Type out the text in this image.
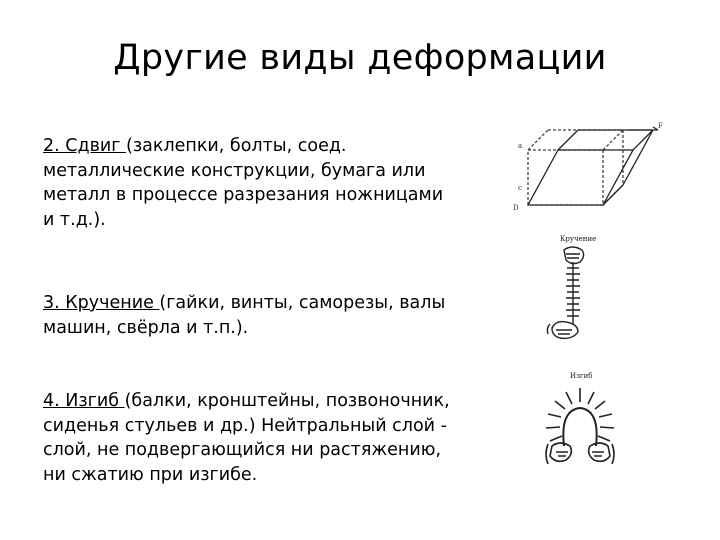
Другие виды деформации
2. Сдвиг (заклепки, болты, соед.
металлические конструкции, бумага или
металл в процессе разрезания ножницами
и т.д.).
3. Кручение (гайки, винты, саморезы, валы
машин, свёрла и т.п.).
4. Изгиб (балки, кронштейны, позвоночник,
сиденья стульев и др.) Нейтральный слой -
слой, не подвергающийся ни растяжению,
ни сжатию при изгибе.
a
c
F
D
Кручение
Изгиб
